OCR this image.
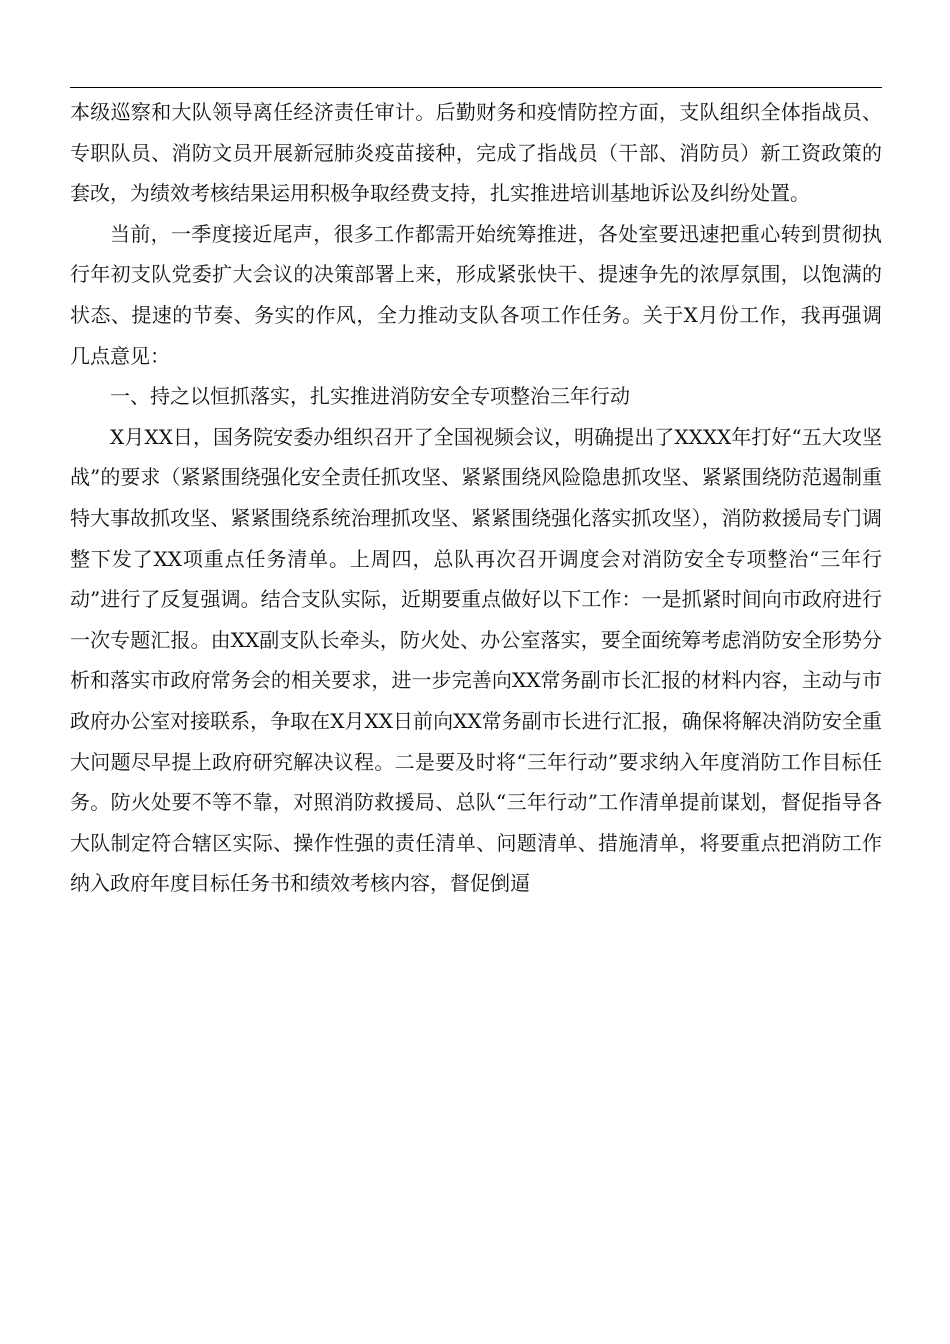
本级巡察和大队领导离任经济责任审计。后勤财务和疫情防控方面，支队组织全体指战员、专职队员、消防文员开展新冠肺炎疫苗接种，完成了指战员（干部、消防员）新工资政策的套改，为绩效考核结果运用积极争取经费支持，扎实推进培训基地诉讼及纠纷处置。

当前，一季度接近尾声，很多工作都需开始统筹推进，各处室要迅速把重心转到贯彻执行年初支队党委扩大会议的决策部署上来，形成紧张快干、提速争先的浓厚氛围，以饱满的状态、提速的节奏、务实的作风，全力推动支队各项工作任务。关于X月份工作，我再强调几点意见：

一、持之以恒抓落实，扎实推进消防安全专项整治三年行动

X月XX日，国务院安委办组织召开了全国视频会议，明确提出了XXXX年打好“五大攻坚战”的要求（紧紧围绕强化安全责任抓攻坚、紧紧围绕风险隐患抓攻坚、紧紧围绕防范遏制重特大事故抓攻坚、紧紧围绕系统治理抓攻坚、紧紧围绕强化落实抓攻坚），消防救援局专门调整下发了XX项重点任务清单。上周四，总队再次召开调度会对消防安全专项整治“三年行动”进行了反复强调。结合支队实际，近期要重点做好以下工作：一是抓紧时间向市政府进行一次专题汇报。由XX副支队长牵头，防火处、办公室落实，要全面统筹考虑消防安全形势分析和落实市政府常务会的相关要求，进一步完善向XX常务副市长汇报的材料内容，主动与市政府办公室对接联系，争取在X月XX日前向XX常务副市长进行汇报，确保将解决消防安全重大问题尽早提上政府研究解决议程。二是要及时将“三年行动”要求纳入年度消防工作目标任务。防火处要不等不靠，对照消防救援局、总队“三年行动”工作清单提前谋划，督促指导各大队制定符合辖区实际、操作性强的责任清单、问题清单、措施清单，将要重点把消防工作纳入政府年度目标任务书和绩效考核内容，督促倒逼
